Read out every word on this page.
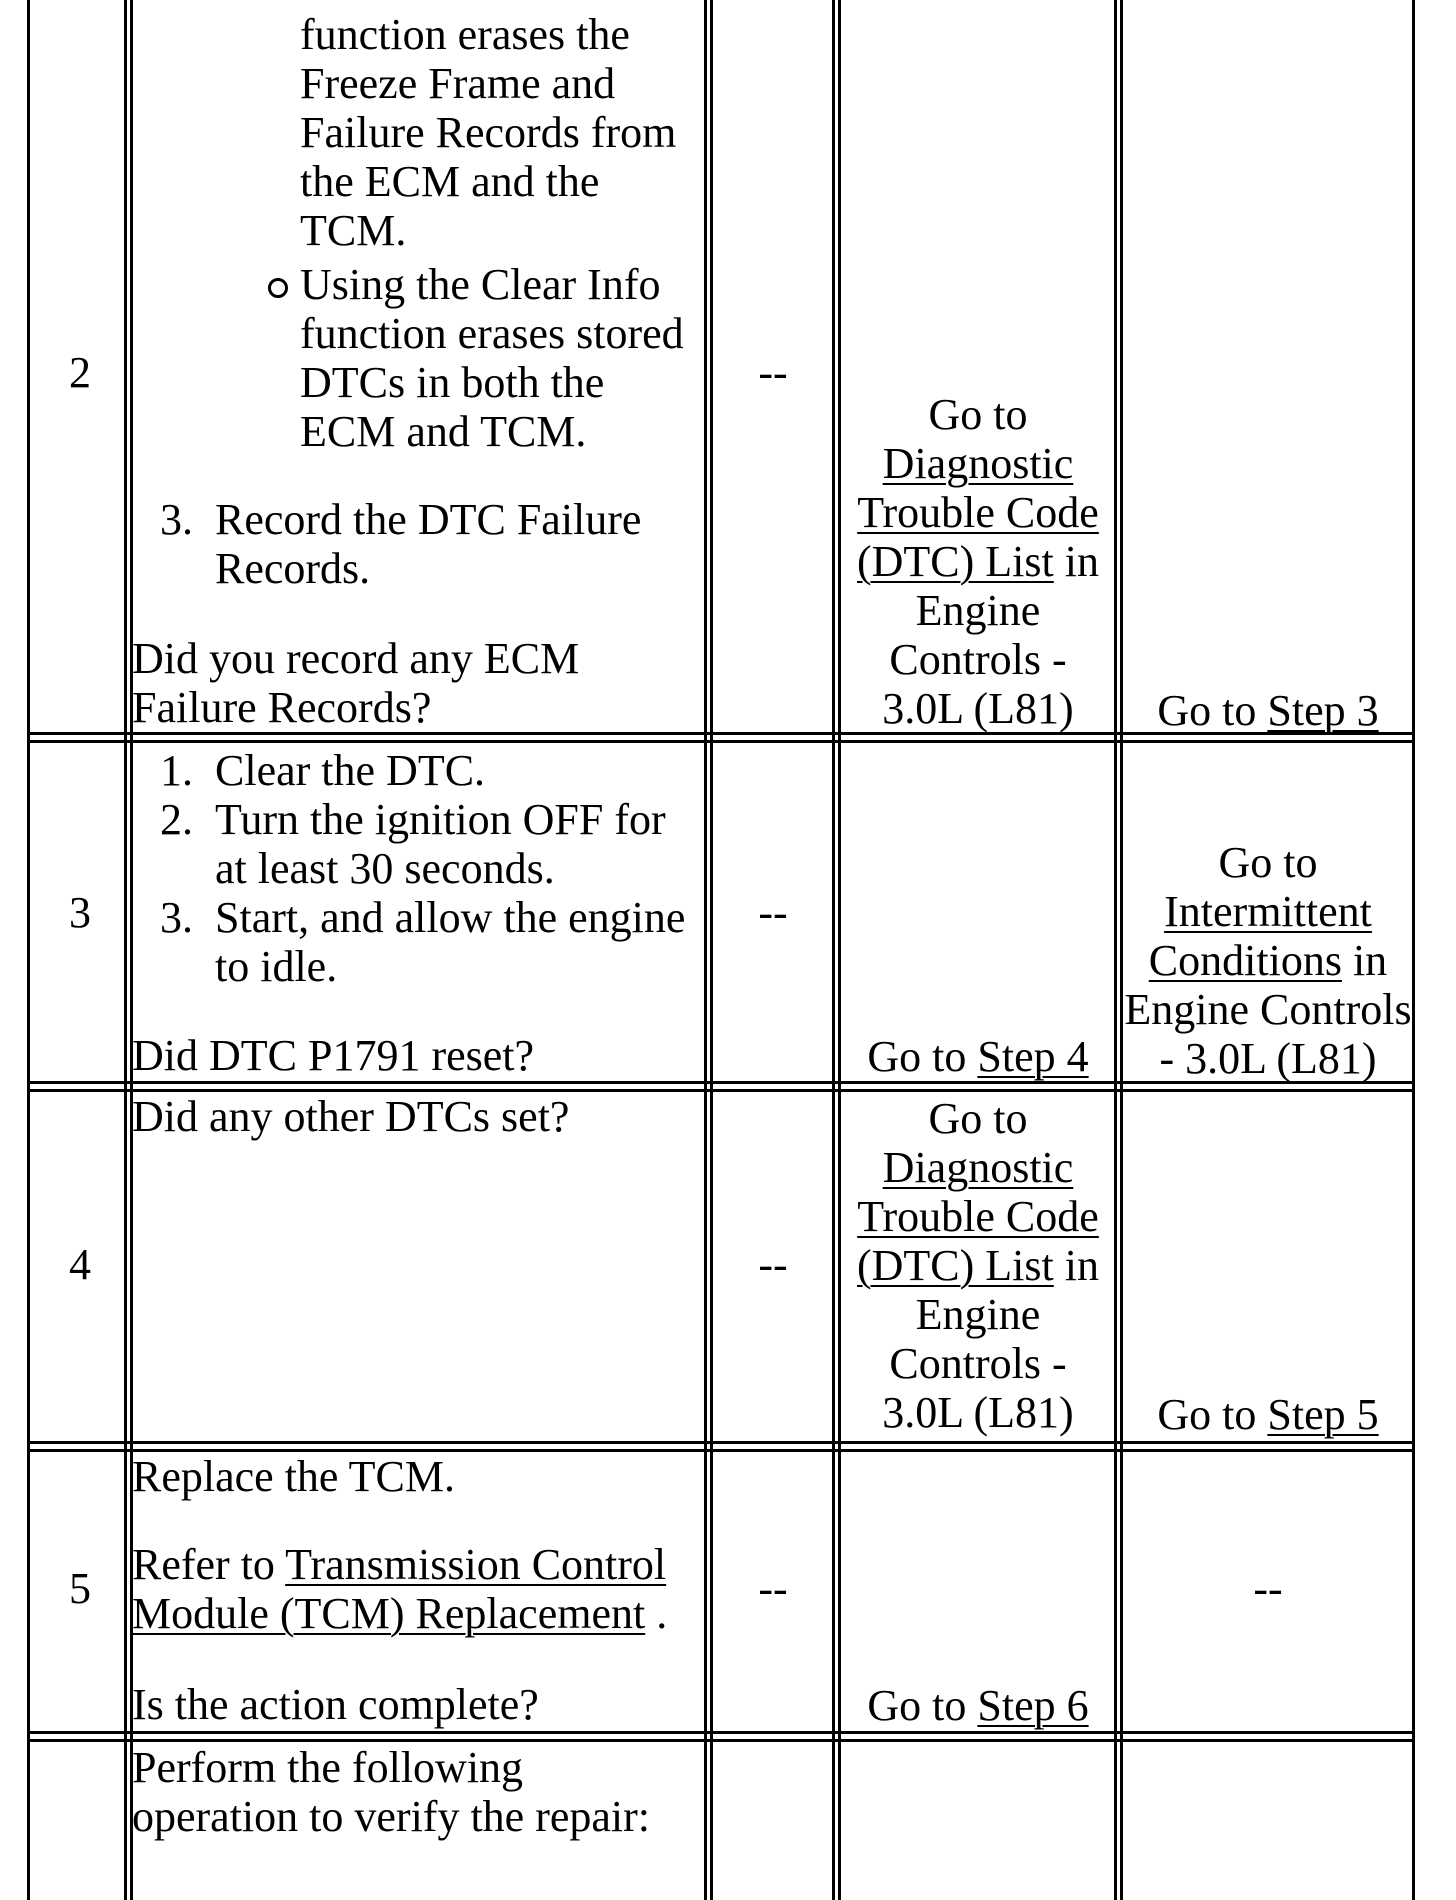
2
function erases the
Freeze Frame and
Failure Records from
the ECM and the
TCM.
Using the Clear Info
function erases stored
DTCs in both the
ECM and TCM.
3. Record the DTC Failure
Records.
Did you record any ECM
Failure Records?
--
Go to
Diagnostic
Trouble Code
(DTC) List in
Engine
Controls -
3.0L (L81)	Go to Step 3
3
1. Clear the DTC.
2. Turn the ignition OFF for
at least 30 seconds.
3. Start, and allow the engine
to idle.
Did DTC P1791 reset?
--
Go to Step 4
Go to
Intermittent
Conditions in
Engine Controls
- 3.0L (L81)
4
Did any other DTCs set?
--
Go to
Diagnostic
Trouble Code
(DTC) List in
Engine
Controls -
3.0L (L81)	Go to Step 5
5
Replace the TCM.
Refer to Transmission Control
Module (TCM) Replacement .
Is the action complete?
--
Go to Step 6
--
Perform the following
operation to verify the repair:
